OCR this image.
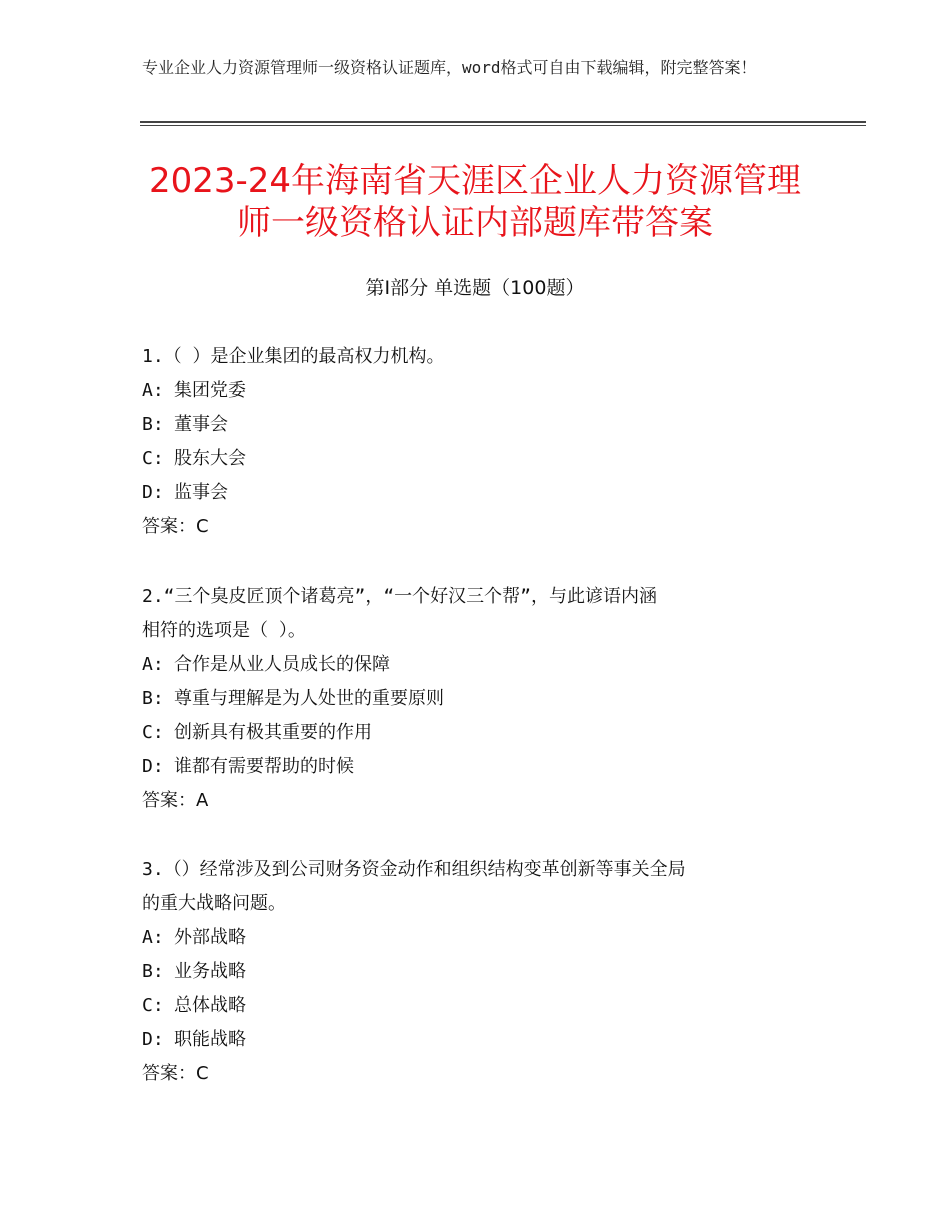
专业企业人力资源管理师一级资格认证题库，word格式可自由下载编辑，附完整答案！
2023-24年海南省天涯区企业人力资源管理
师一级资格认证内部题库带答案
第Ⅰ部分 单选题（100题）
1.（ ）是企业集团的最高权力机构。
A: 集团党委
B: 董事会
C: 股东大会
D: 监事会
答案：C
2.“三个臭皮匠顶个诸葛亮”，“一个好汉三个帮”，与此谚语内涵
相符的选项是（ ）。
A: 合作是从业人员成长的保障
B: 尊重与理解是为人处世的重要原则
C: 创新具有极其重要的作用
D: 谁都有需要帮助的时候
答案：A
3.（）经常涉及到公司财务资金动作和组织结构变革创新等事关全局
的重大战略问题。
A: 外部战略
B: 业务战略
C: 总体战略
D: 职能战略
答案：C
